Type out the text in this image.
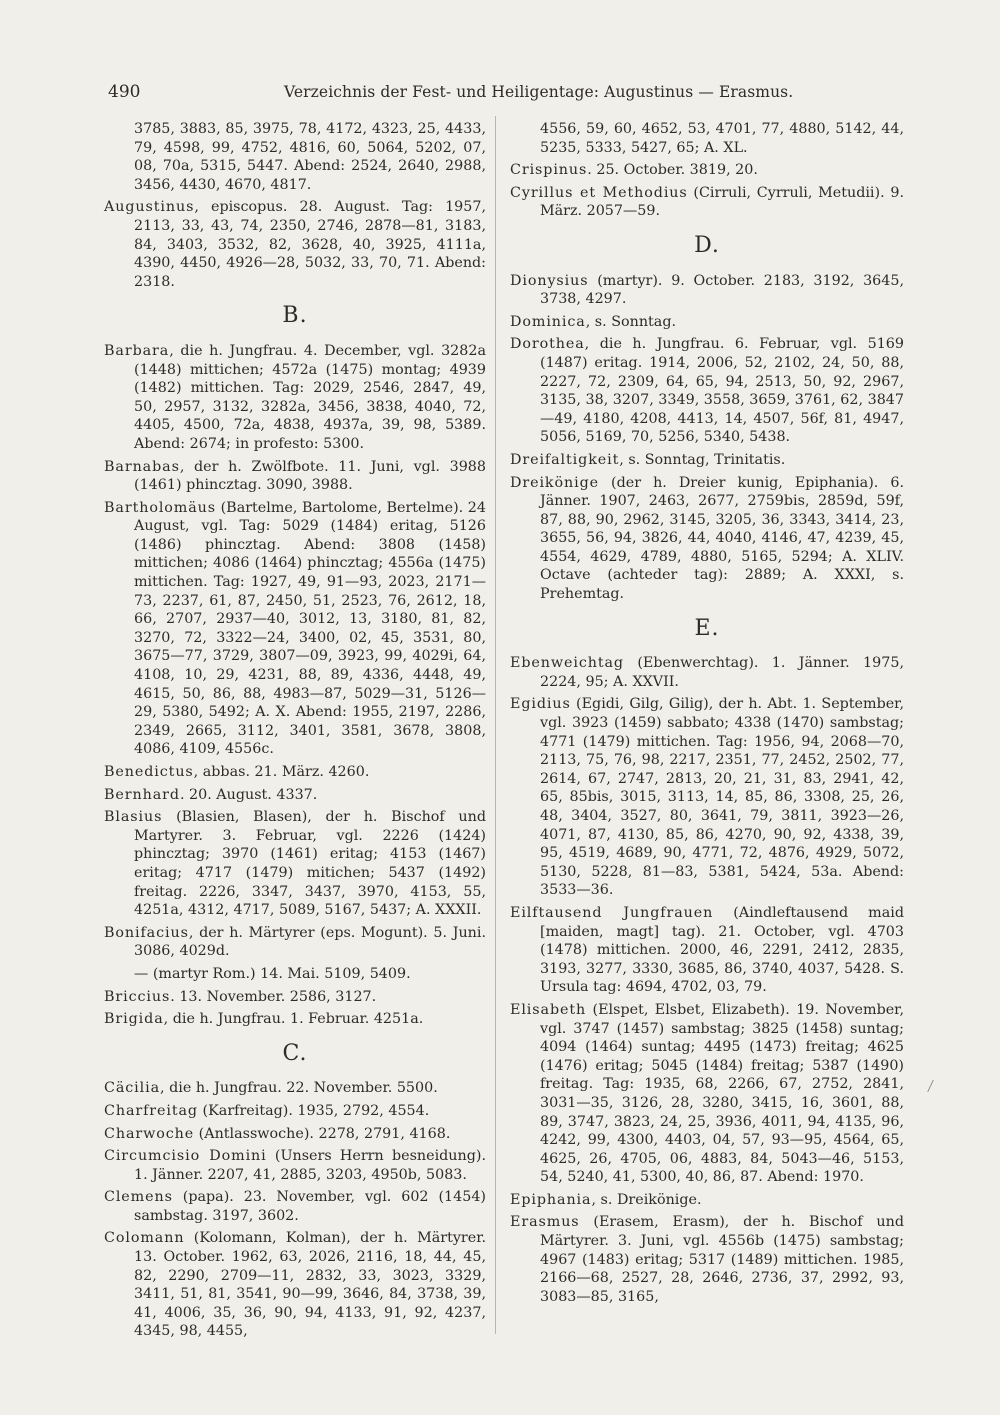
490	Verzeichnis der Fest- und Heiligentage: Augustinus — Erasmus.

3785, 3883, 85, 3975, 78, 4172, 4323, 25, 4433, 79, 4598, 99, 4752, 4816, 60, 5064, 5202, 07, 08, 70a, 5315, 5447. Abend: 2524, 2640, 2988, 3456, 4430, 4670, 4817.

Augustinus, episcopus. 28. August. Tag: 1957, 2113, 33, 43, 74, 2350, 2746, 2878—81, 3183, 84, 3403, 3532, 82, 3628, 40, 3925, 4111a, 4390, 4450, 4926—28, 5032, 33, 70, 71. Abend: 2318.

B.

Barbara, die h. Jungfrau. 4. December, vgl. 3282a (1448) mittichen; 4572a (1475) montag; 4939 (1482) mittichen. Tag: 2029, 2546, 2847, 49, 50, 2957, 3132, 3282a, 3456, 3838, 4040, 72, 4405, 4500, 72a, 4838, 4937a, 39, 98, 5389. Abend: 2674; in profesto: 5300.

Barnabas, der h. Zwölfbote. 11. Juni, vgl. 3988 (1461) phincztag. 3090, 3988.

Bartholomäus (Bartelme, Bartolome, Bertelme). 24 August, vgl. Tag: 5029 (1484) eritag, 5126 (1486) phincztag. Abend: 3808 (1458) mittichen; 4086 (1464) phincztag; 4556a (1475) mittichen. Tag: 1927, 49, 91—93, 2023, 2171—73, 2237, 61, 87, 2450, 51, 2523, 76, 2612, 18, 66, 2707, 2937—40, 3012, 13, 3180, 81, 82, 3270, 72, 3322—24, 3400, 02, 45, 3531, 80, 3675—77, 3729, 3807—09, 3923, 99, 4029i, 64, 4108, 10, 29, 4231, 88, 89, 4336, 4448, 49, 4615, 50, 86, 88, 4983—87, 5029—31, 5126—29, 5380, 5492; A. X. Abend: 1955, 2197, 2286, 2349, 2665, 3112, 3401, 3581, 3678, 3808, 4086, 4109, 4556c.

Benedictus, abbas. 21. März. 4260.

Bernhard. 20. August. 4337.

Blasius (Blasien, Blasen), der h. Bischof und Martyrer. 3. Februar, vgl. 2226 (1424) phincztag; 3970 (1461) eritag; 4153 (1467) eritag; 4717 (1479) mitichen; 5437 (1492) freitag. 2226, 3347, 3437, 3970, 4153, 55, 4251a, 4312, 4717, 5089, 5167, 5437; A. XXXII.

Bonifacius, der h. Märtyrer (eps. Mogunt). 5. Juni. 3086, 4029d.

— (martyr Rom.) 14. Mai. 5109, 5409.

Briccius. 13. November. 2586, 3127.

Brigida, die h. Jungfrau. 1. Februar. 4251a.

C.

Cäcilia, die h. Jungfrau. 22. November. 5500.

Charfreitag (Karfreitag). 1935, 2792, 4554.

Charwoche (Antlasswoche). 2278, 2791, 4168.

Circumcisio Domini (Unsers Herrn besneidung). 1. Jänner. 2207, 41, 2885, 3203, 4950b, 5083.

Clemens (papa). 23. November, vgl. 602 (1454) sambstag. 3197, 3602.

Colomann (Kolomann, Kolman), der h. Märtyrer. 13. October. 1962, 63, 2026, 2116, 18, 44, 45, 82, 2290, 2709—11, 2832, 33, 3023, 3329, 3411, 51, 81, 3541, 90—99, 3646, 84, 3738, 39, 41, 4006, 35, 36, 90, 94, 4133, 91, 92, 4237, 4345, 98, 4455,

4556, 59, 60, 4652, 53, 4701, 77, 4880, 5142, 44, 5235, 5333, 5427, 65; A. XL.

Crispinus. 25. October. 3819, 20.

Cyrillus et Methodius (Cirruli, Cyrruli, Metudii). 9. März. 2057—59.

D.

Dionysius (martyr). 9. October. 2183, 3192, 3645, 3738, 4297.

Dominica, s. Sonntag.

Dorothea, die h. Jungfrau. 6. Februar, vgl. 5169 (1487) eritag. 1914, 2006, 52, 2102, 24, 50, 88, 2227, 72, 2309, 64, 65, 94, 2513, 50, 92, 2967, 3135, 38, 3207, 3349, 3558, 3659, 3761, 62, 3847—49, 4180, 4208, 4413, 14, 4507, 56f, 81, 4947, 5056, 5169, 70, 5256, 5340, 5438.

Dreifaltigkeit, s. Sonntag, Trinitatis.

Dreikönige (der h. Dreier kunig, Epiphania). 6. Jänner. 1907, 2463, 2677, 2759bis, 2859d, 59f, 87, 88, 90, 2962, 3145, 3205, 36, 3343, 3414, 23, 3655, 56, 94, 3826, 44, 4040, 4146, 47, 4239, 45, 4554, 4629, 4789, 4880, 5165, 5294; A. XLIV. Octave (achteder tag): 2889; A. XXXI, s. Prehemtag.

E.

Ebenweichtag (Ebenwerchtag). 1. Jänner. 1975, 2224, 95; A. XXVII.

Egidius (Egidi, Gilg, Gilig), der h. Abt. 1. September, vgl. 3923 (1459) sabbato; 4338 (1470) sambstag; 4771 (1479) mittichen. Tag: 1956, 94, 2068—70, 2113, 75, 76, 98, 2217, 2351, 77, 2452, 2502, 77, 2614, 67, 2747, 2813, 20, 21, 31, 83, 2941, 42, 65, 85bis, 3015, 3113, 14, 85, 86, 3308, 25, 26, 48, 3404, 3527, 80, 3641, 79, 3811, 3923—26, 4071, 87, 4130, 85, 86, 4270, 90, 92, 4338, 39, 95, 4519, 4689, 90, 4771, 72, 4876, 4929, 5072, 5130, 5228, 81—83, 5381, 5424, 53a. Abend: 3533—36.

Eilftausend Jungfrauen (Aindleftausend maid [maiden, magt] tag). 21. October, vgl. 4703 (1478) mittichen. 2000, 46, 2291, 2412, 2835, 3193, 3277, 3330, 3685, 86, 3740, 4037, 5428. S. Ursula tag: 4694, 4702, 03, 79.

Elisabeth (Elspet, Elsbet, Elizabeth). 19. November, vgl. 3747 (1457) sambstag; 3825 (1458) suntag; 4094 (1464) suntag; 4495 (1473) freitag; 4625 (1476) eritag; 5045 (1484) freitag; 5387 (1490) freitag. Tag: 1935, 68, 2266, 67, 2752, 2841, 3031—35, 3126, 28, 3280, 3415, 16, 3601, 88, 89, 3747, 3823, 24, 25, 3936, 4011, 94, 4135, 96, 4242, 99, 4300, 4403, 04, 57, 93—95, 4564, 65, 4625, 26, 4705, 06, 4883, 84, 5043—46, 5153, 54, 5240, 41, 5300, 40, 86, 87. Abend: 1970.

Epiphania, s. Dreikönige.

Erasmus (Erasem, Erasm), der h. Bischof und Märtyrer. 3. Juni, vgl. 4556b (1475) sambstag; 4967 (1483) eritag; 5317 (1489) mittichen. 1985, 2166—68, 2527, 28, 2646, 2736, 37, 2992, 93, 3083—85, 3165,
